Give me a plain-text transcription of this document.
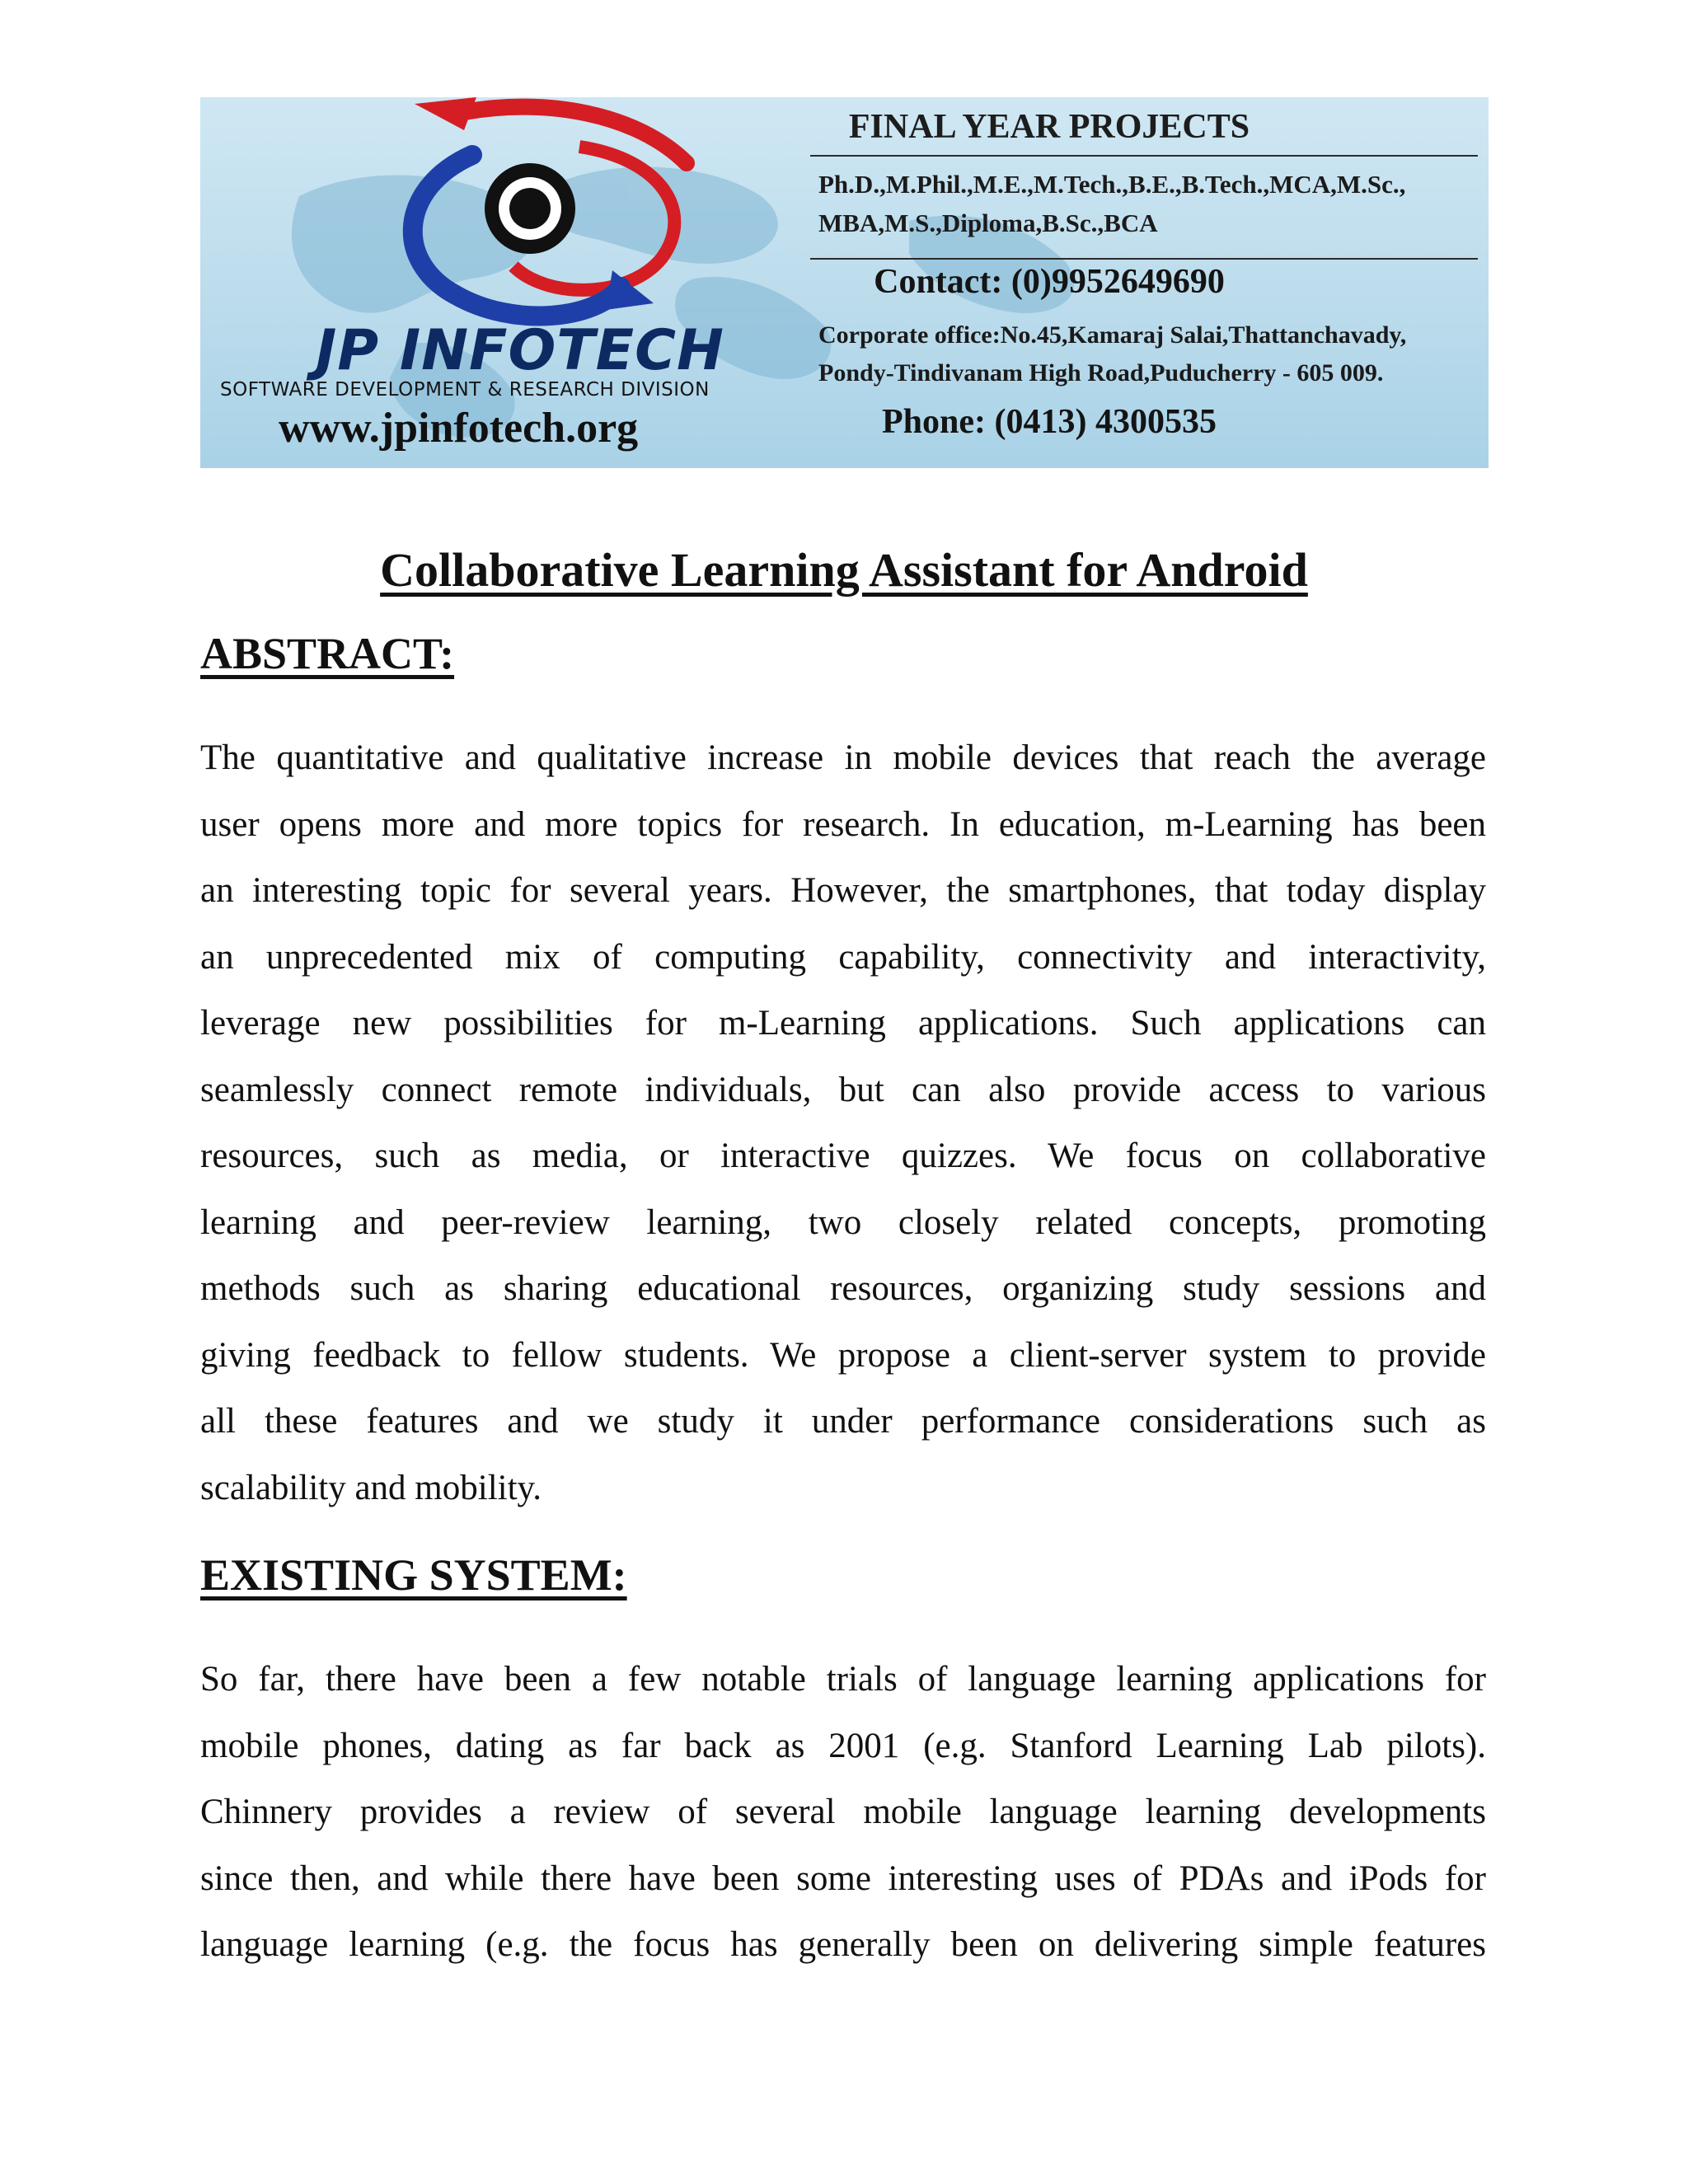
JP INFOTECH
SOFTWARE DEVELOPMENT & RESEARCH DIVISION
www.jpinfotech.org
FINAL YEAR PROJECTS
Ph.D.,M.Phil.,M.E.,M.Tech.,B.E.,B.Tech.,MCA,M.Sc.,
MBA,M.S.,Diploma,B.Sc.,BCA
Contact: (0)9952649690
Corporate office:No.45,Kamaraj Salai,Thattanchavady,
Pondy-Tindivanam High Road,Puducherry - 605 009.
Phone: (0413) 4300535
Collaborative Learning Assistant for Android
ABSTRACT:
The quantitative and qualitative increase in mobile devices that reach the average
user opens more and more topics for research. In education, m-Learning has been
an interesting topic for several years. However, the smartphones, that today display
an unprecedented mix of computing capability, connectivity and interactivity,
leverage new possibilities for m-Learning applications. Such applications can
seamlessly connect remote individuals, but can also provide access to various
resources, such as media, or interactive quizzes. We focus on collaborative
learning and peer-review learning, two closely related concepts, promoting
methods such as sharing educational resources, organizing study sessions and
giving feedback to fellow students. We propose a client-server system to provide
all these features and we study it under performance considerations such as
scalability and mobility.
EXISTING SYSTEM:
So far, there have been a few notable trials of language learning applications for
mobile phones, dating as far back as 2001 (e.g. Stanford Learning Lab pilots).
Chinnery provides a review of several mobile language learning developments
since then, and while there have been some interesting uses of PDAs and iPods for
language learning (e.g. the focus has generally been on delivering simple features
